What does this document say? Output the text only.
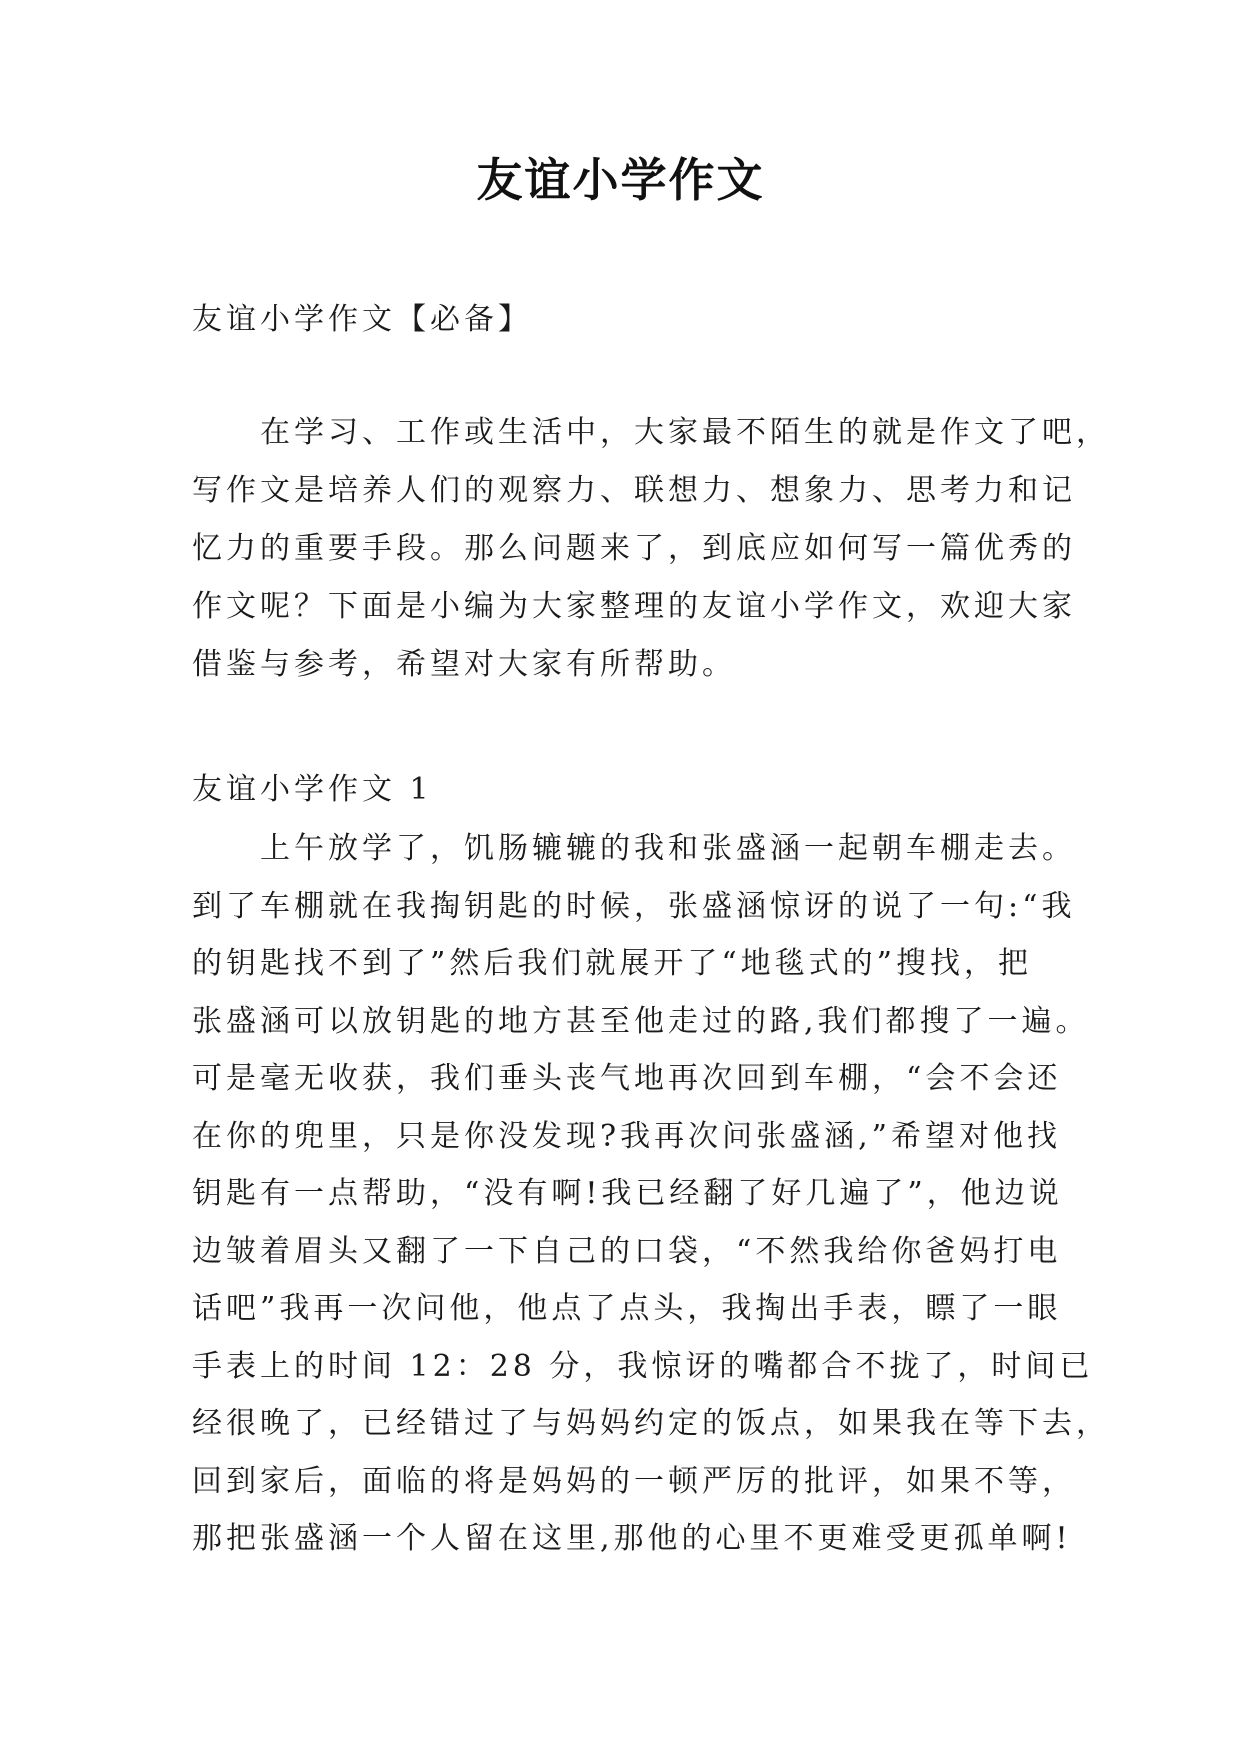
友谊小学作文
友谊小学作文【必备】
在学习、工作或生活中，大家最不陌生的就是作文了吧，
写作文是培养人们的观察力、联想力、想象力、思考力和记
忆力的重要手段。那么问题来了，到底应如何写一篇优秀的
作文呢？下面是小编为大家整理的友谊小学作文，欢迎大家
借鉴与参考，希望对大家有所帮助。
友谊小学作文 1
上午放学了，饥肠辘辘的我和张盛涵一起朝车棚走去。
到了车棚就在我掏钥匙的时候，张盛涵惊讶的说了一句:“我
的钥匙找不到了”然后我们就展开了“地毯式的”搜找，把
张盛涵可以放钥匙的地方甚至他走过的路,我们都搜了一遍。
可是毫无收获，我们垂头丧气地再次回到车棚，“会不会还
在你的兜里，只是你没发现?我再次问张盛涵,”希望对他找
钥匙有一点帮助，“没有啊!我已经翻了好几遍了”，他边说
边皱着眉头又翻了一下自己的口袋，“不然我给你爸妈打电
话吧”我再一次问他，他点了点头，我掏出手表，瞟了一眼
手表上的时间 12：28 分，我惊讶的嘴都合不拢了，时间已
经很晚了，已经错过了与妈妈约定的饭点，如果我在等下去，
回到家后，面临的将是妈妈的一顿严厉的批评，如果不等，
那把张盛涵一个人留在这里,那他的心里不更难受更孤单啊!
